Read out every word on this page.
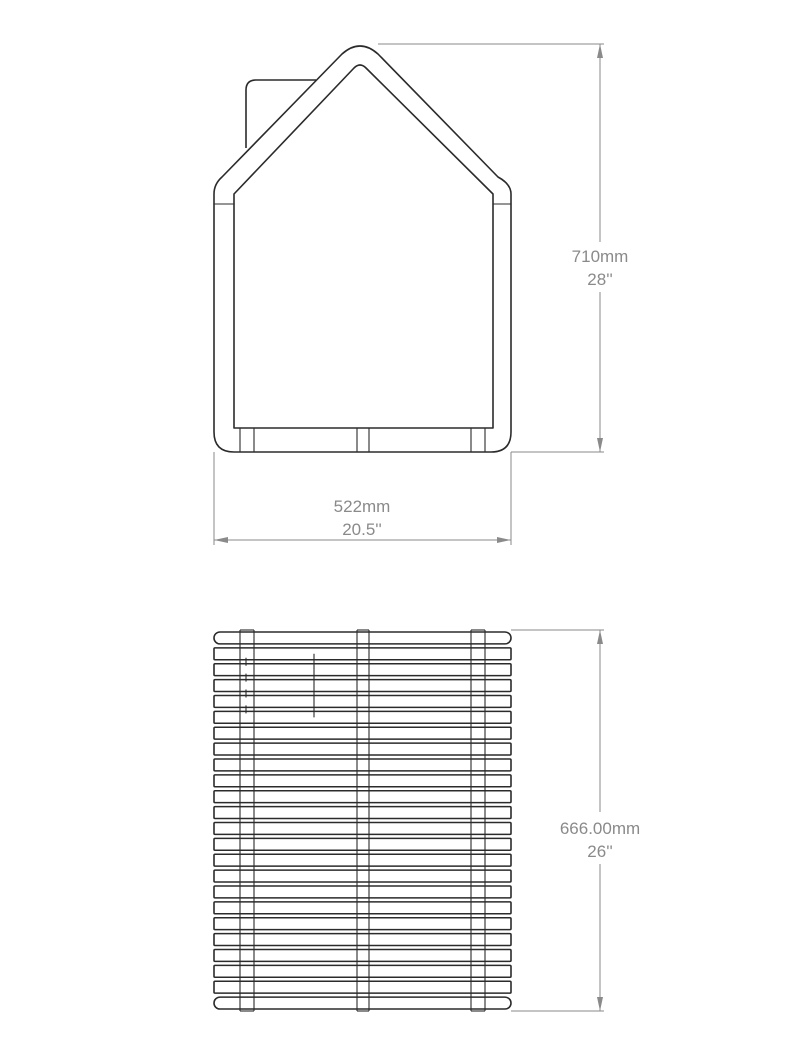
710mm
28''
522mm
20.5''
666.00mm
26''
